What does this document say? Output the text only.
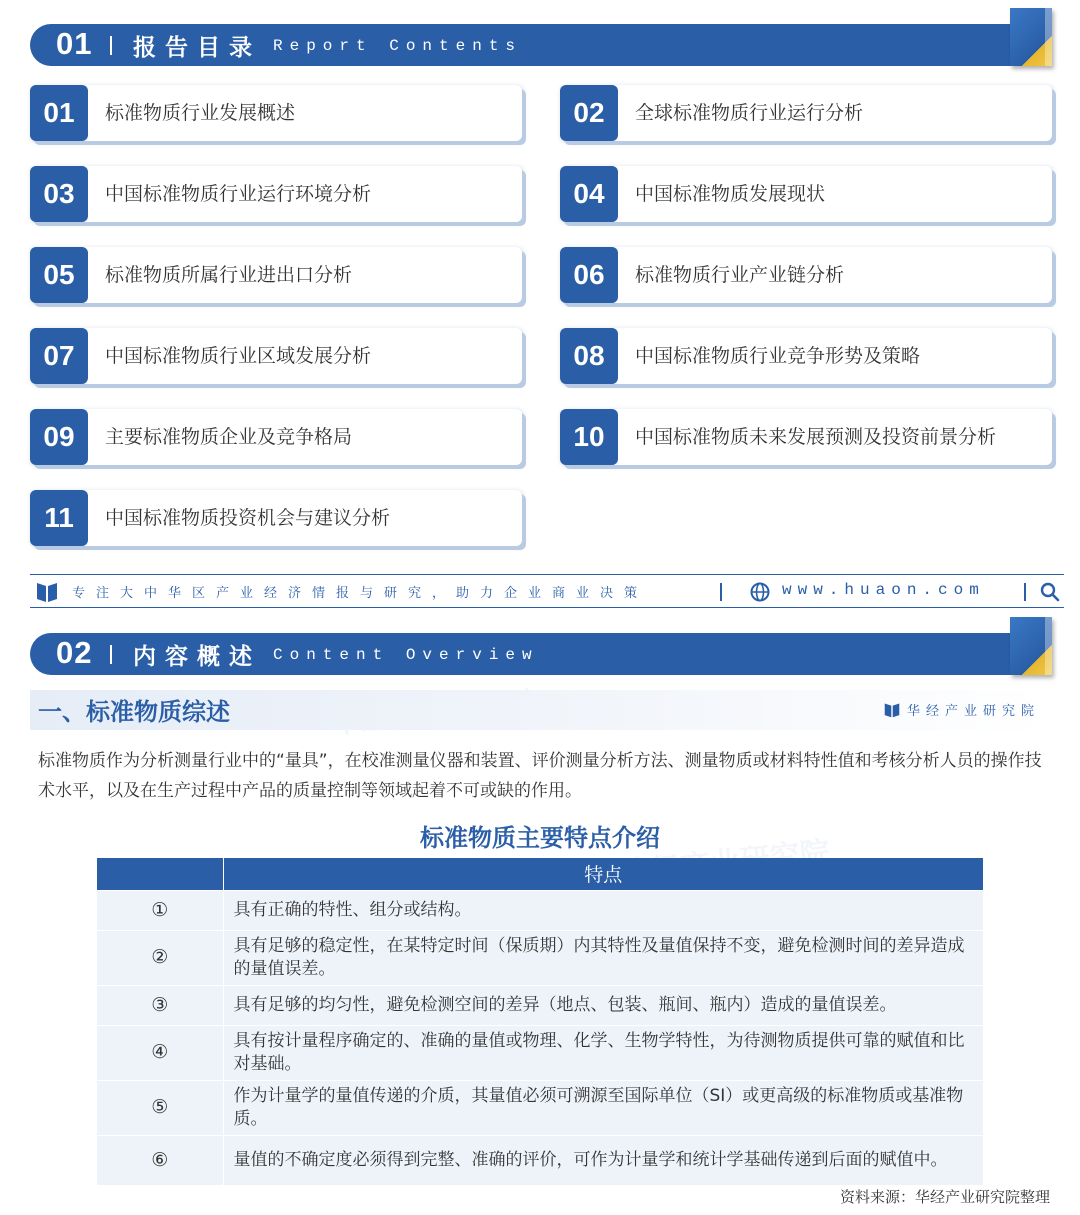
01 报告目录 Report Contents
01	标准物质行业发展概述	02	全球标准物质行业运行分析
03	中国标准物质行业运行环境分析	04	中国标准物质发展现状
05	标准物质所属行业进出口分析	06	标准物质行业产业链分析
07	中国标准物质行业区域发展分析	08	中国标准物质行业竞争形势及策略
09	主要标准物质企业及竞争格局	10	中国标准物质未来发展预测及投资前景分析
11	中国标准物质投资机会与建议分析
专注大中华区产业经济情报与研究，助力企业商业决策	www.huaon.com
02 内容概述 Content Overview
一、标准物质综述	华经产业研究院

标准物质作为分析测量行业中的“量具”，在校准测量仪器和装置、评价测量分析方法、测量物质或材料特性值和考核分析人员的操作技术水平，以及在生产过程中产品的质量控制等领域起着不可或缺的作用。

标准物质主要特点介绍
	特点
①	具有正确的特性、组分或结构。
②	具有足够的稳定性，在某特定时间（保质期）内其特性及量值保持不变，避免检测时间的差异造成的量值误差。
③	具有足够的均匀性，避免检测空间的差异（地点、包装、瓶间、瓶内）造成的量值误差。
④	具有按计量程序确定的、准确的量值或物理、化学、生物学特性，为待测物质提供可靠的赋值和比对基础。
⑤	作为计量学的量值传递的介质，其量值必须可溯源至国际单位（SI）或更高级的标准物质或基准物质。
⑥	量值的不确定度必须得到完整、准确的评价，可作为计量学和统计学基础传递到后面的赋值中。
资料来源：华经产业研究院整理
